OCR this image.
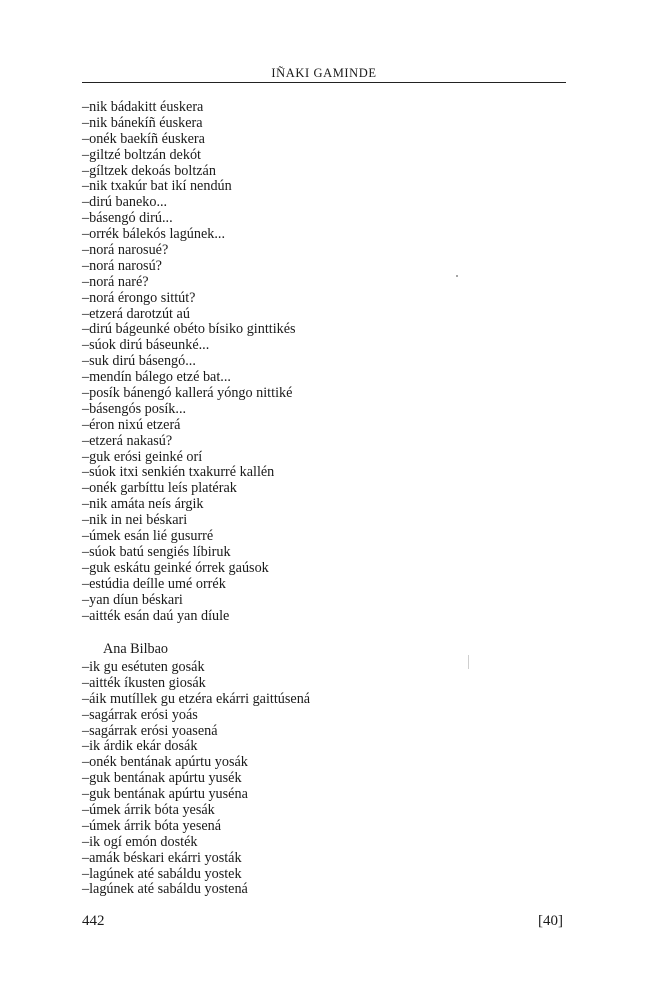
IÑAKI GAMINDE
–nik bádakitt éuskera
–nik bánekíñ éuskera
–onék baekíñ éuskera
–giltzé boltzán dekót
–gíltzek dekoás boltzán
–nik txakúr bat ikí nendún
–dirú baneko...
–básengó dirú...
–orrék bálekós lagúnek...
–norá narosué?
–norá narosú?
–norá naré?
–norá érongo sittút?
–etzerá darotzút aú
–dirú bágeunké obéto bísiko ginttikés
–súok dirú báseunké...
–suk dirú básengó...
–mendín bálego etzé bat...
–posík bánengó kallerá yóngo nittiké
–básengós posík...
–éron nixú etzerá
–etzerá nakasú?
–guk erósi geinké orí
–súok itxi senkién txakurré kallén
–onék garbíttu leís platérak
–nik amáta neís árgik
–nik in nei béskari
–úmek esán lié gusurré
–súok batú sengiés líbiruk
–guk eskátu geinké órrek gaúsok
–estúdia deílle umé orrék
–yan díun béskari
–aitték esán daú yan díule
Ana Bilbao
–ik gu esétuten gosák
–aitték íkusten giosák
–áik mutíllek gu etzéra ekárri gaittúsená
–sagárrak erósi yoás
–sagárrak erósi yoasená
–ik árdik ekár dosák
–onék bentának apúrtu yosák
–guk bentának apúrtu yusék
–guk bentának apúrtu yuséna
–úmek árrik bóta yesák
–úmek árrik bóta yesená
–ik ogí emón dosték
–amák béskari ekárri yosták
–lagúnek até sabáldu yostek
–lagúnek até sabáldu yostená
442	[40]
